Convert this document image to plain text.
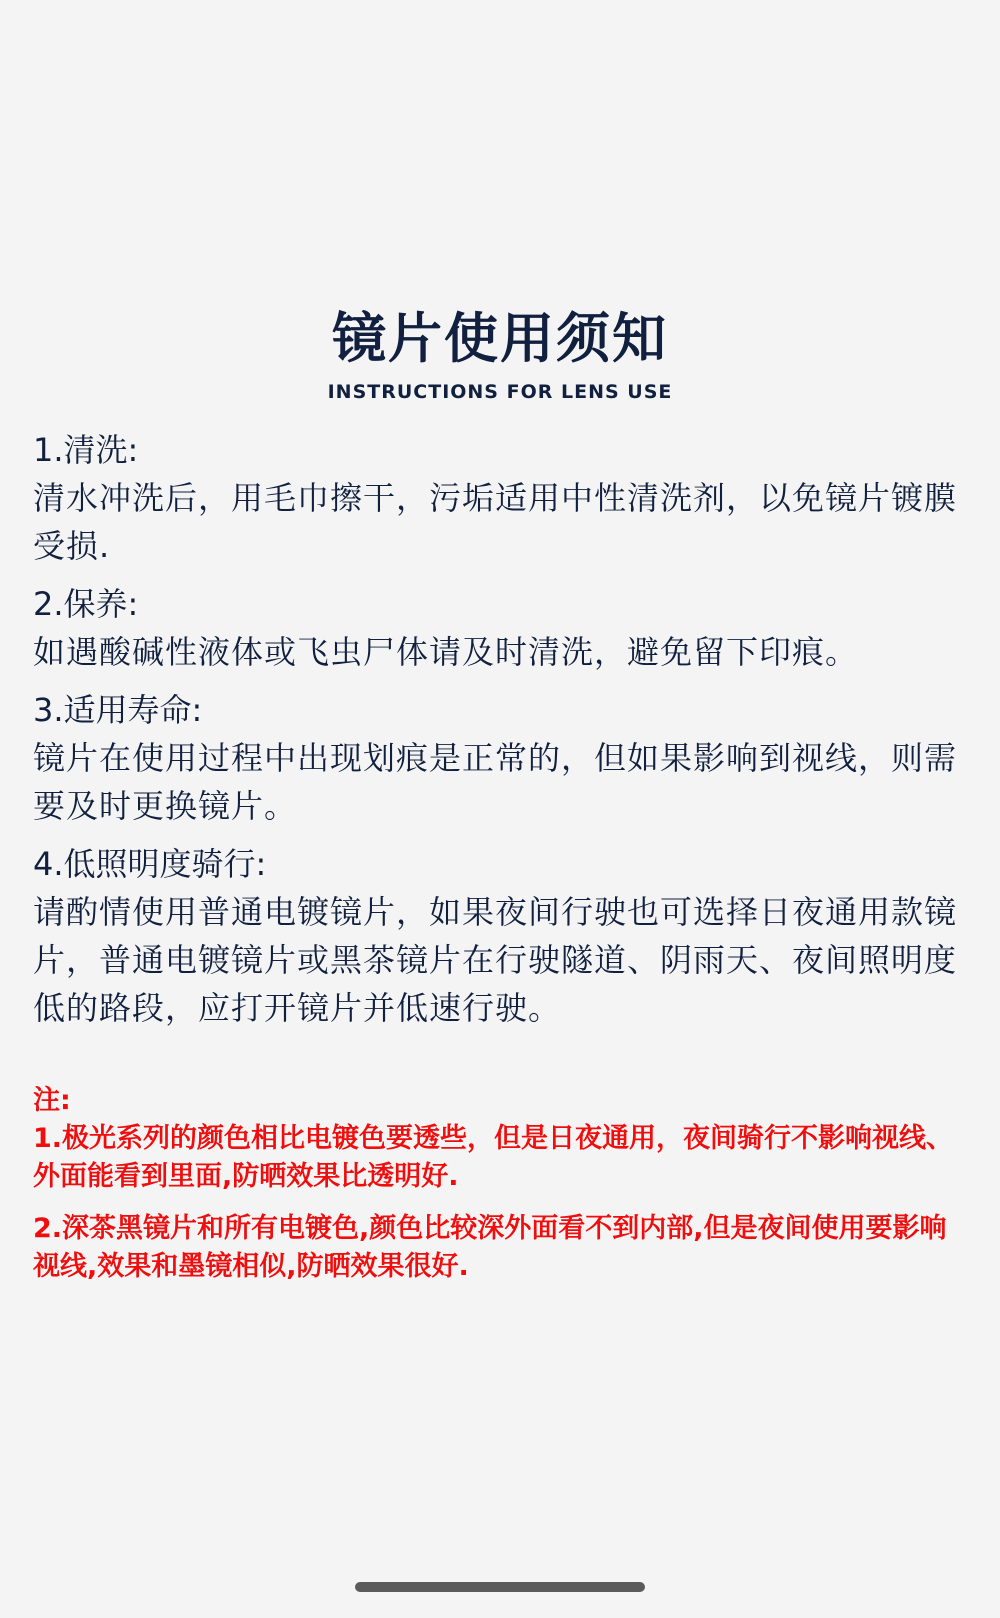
镜片使用须知
INSTRUCTIONS FOR LENS USE
1.清洗:
清水冲洗后，用毛巾擦干，污垢适用中性清洗剂，以免镜片镀膜受损.
2.保养:
如遇酸碱性液体或飞虫尸体请及时清洗，避免留下印痕。
3.适用寿命:
镜片在使用过程中出现划痕是正常的，但如果影响到视线，则需要及时更换镜片。
4.低照明度骑行:
请酌情使用普通电镀镜片，如果夜间行驶也可选择日夜通用款镜片，普通电镀镜片或黑茶镜片在行驶隧道、阴雨天、夜间照明度低的路段，应打开镜片并低速行驶。
注:
1.极光系列的颜色相比电镀色要透些，但是日夜通用，夜间骑行不影响视线、外面能看到里面,防晒效果比透明好.
2.深茶黑镜片和所有电镀色,颜色比较深外面看不到内部,但是夜间使用要影响视线,效果和墨镜相似,防晒效果很好.
